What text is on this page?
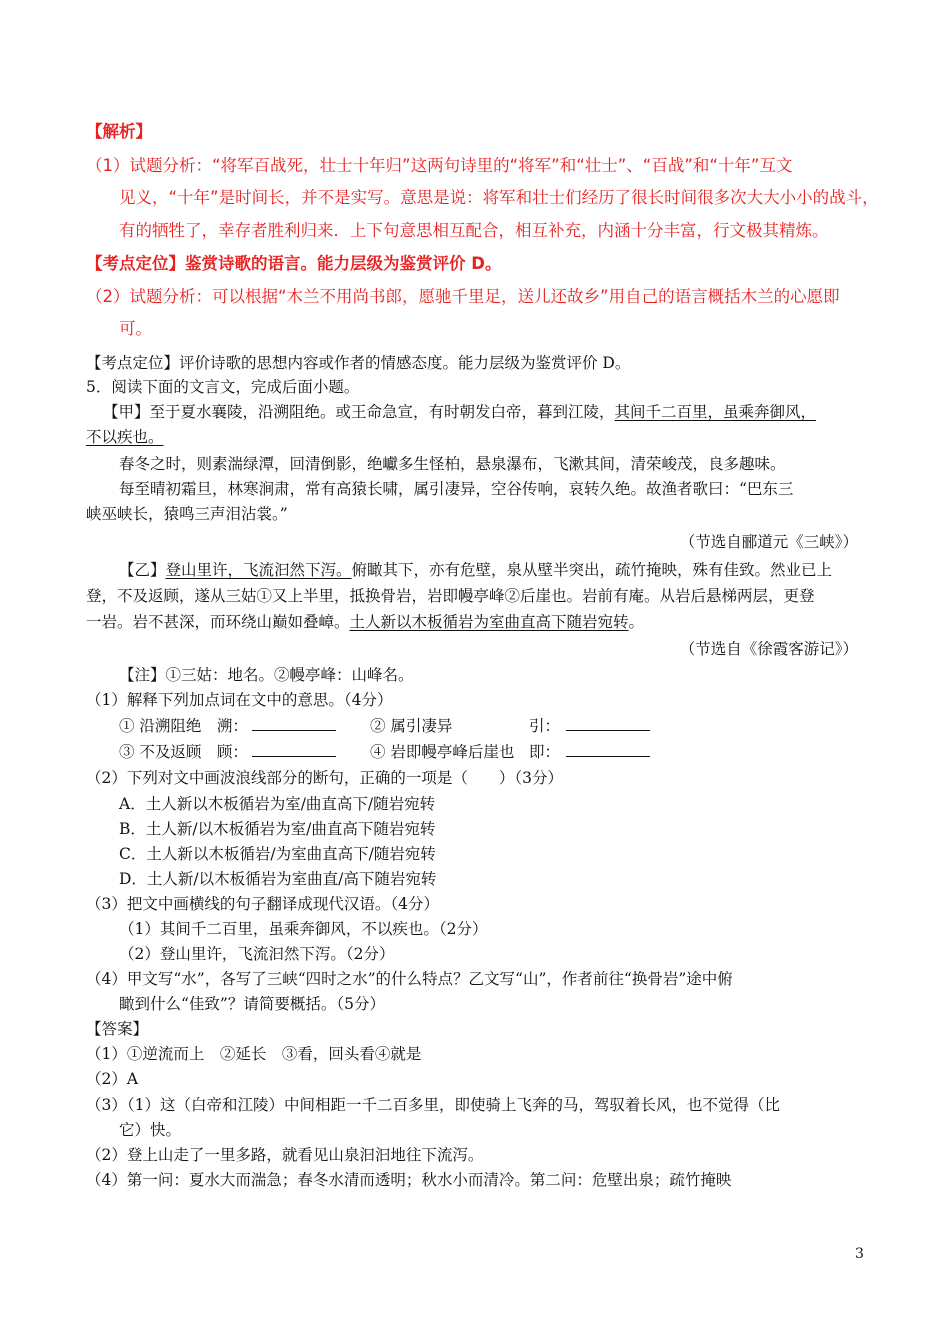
【解析】
（1）试题分析：“将军百战死，壮士十年归”这两句诗里的“将军”和“壮士”、“百战”和“十年”互文
见义，“十年”是时间长，并不是实写。意思是说：将军和壮士们经历了很长时间很多次大大小小的战斗，
有的牺牲了，幸存者胜利归来．上下句意思相互配合，相互补充，内涵十分丰富，行文极其精炼。
【考点定位】鉴赏诗歌的语言。能力层级为鉴赏评价 D。
（2）试题分析：可以根据“木兰不用尚书郎，愿驰千里足，送儿还故乡”用自己的语言概括木兰的心愿即
可。
【考点定位】评价诗歌的思想内容或作者的情感态度。能力层级为鉴赏评价 D。
5．阅读下面的文言文，完成后面小题。
【甲】至于夏水襄陵，沿溯阻绝。或王命急宣，有时朝发白帝，暮到江陵，其间千二百里，虽乘奔御风，
不以疾也。
春冬之时，则素湍绿潭，回清倒影，绝巘多生怪柏，悬泉瀑布，飞漱其间，清荣峻茂，良多趣味。
每至晴初霜旦，林寒涧肃，常有高猿长啸，属引凄异，空谷传响，哀转久绝。故渔者歌曰：“巴东三
峡巫峡长，猿鸣三声泪沾裳。”
（节选自郦道元《三峡》）
【乙】登山里许，飞流汩然下泻。俯瞰其下，亦有危壁，泉从壁半突出，疏竹掩映，殊有佳致。然业已上
登，不及返顾，遂从三姑①又上半里，抵换骨岩，岩即幔亭峰②后崖也。岩前有庵。从岩后悬梯两层，更登
一岩。岩不甚深，而环绕山巅如叠嶂。土人新以木板循岩为室曲直高下随岩宛转。
（节选自《徐霞客游记》）
【注】①三姑：地名。②幔亭峰：山峰名。
（1）解释下列加点词在文中的意思。（4分）
① 沿溯阻绝　溯：	② 属引凄异	引：
③ 不及返顾　顾：	④ 岩即幔亭峰后崖也 即：
（2）下列对文中画波浪线部分的断句，正确的一项是（　　）（3分）
A．土人新以木板循岩为室/曲直高下/随岩宛转
B．土人新/以木板循岩为室/曲直高下随岩宛转
C．土人新以木板循岩/为室曲直高下/随岩宛转
D．土人新/以木板循岩为室曲直/高下随岩宛转
（3）把文中画横线的句子翻译成现代汉语。（4分）
（1）其间千二百里，虽乘奔御风，不以疾也。（2分）
（2）登山里许，飞流汩然下泻。（2分）
（4）甲文写“水”，各写了三峡“四时之水”的什么特点？乙文写“山”，作者前往“换骨岩”途中俯
瞰到什么“佳致”？请简要概括。（5分）
【答案】
（1）①逆流而上　②延长　③看，回头看④就是
（2）A
（3）（1）这（白帝和江陵）中间相距一千二百多里，即使骑上飞奔的马，驾驭着长风，也不觉得（比
它）快。
（2）登上山走了一里多路，就看见山泉汩汩地往下流泻。
（4）第一问：夏水大而湍急；春冬水清而透明；秋水小而清冷。第二问：危壁出泉；疏竹掩映
3
